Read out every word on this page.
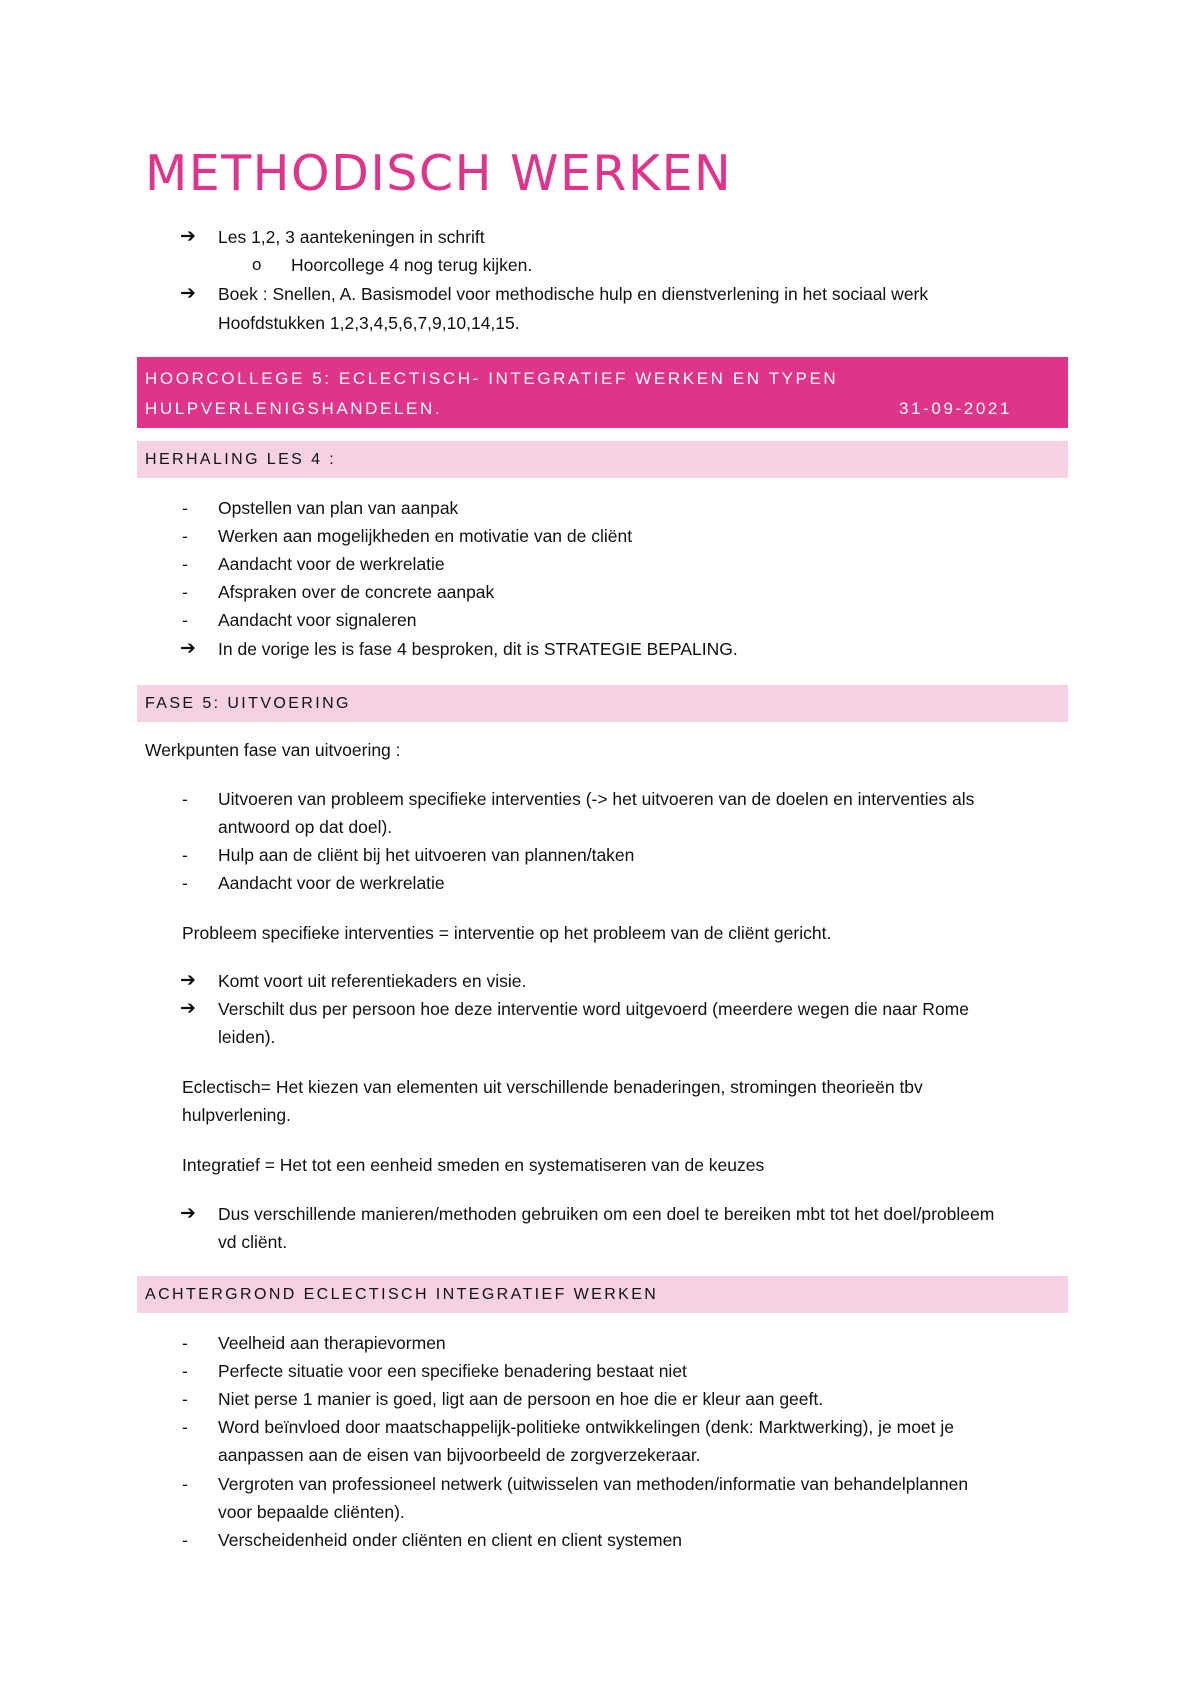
METHODISCH WERKEN
➔ Les 1,2, 3 aantekeningen in schrift
o Hoorcollege 4 nog terug kijken.
➔ Boek : Snellen, A. Basismodel voor methodische hulp en dienstverlening in het sociaal werk
Hoofdstukken 1,2,3,4,5,6,7,9,10,14,15.
HOORCOLLEGE 5: ECLECTISCH- INTEGRATIEF WERKEN EN TYPEN
HULPVERLENIGSHANDELEN.	31-09-2021
HERHALING LES 4 :
- Opstellen van plan van aanpak
- Werken aan mogelijkheden en motivatie van de cliënt
- Aandacht voor de werkrelatie
- Afspraken over de concrete aanpak
- Aandacht voor signaleren
➔ In de vorige les is fase 4 besproken, dit is STRATEGIE BEPALING.
FASE 5: UITVOERING
Werkpunten fase van uitvoering :
- Uitvoeren van probleem specifieke interventies (-> het uitvoeren van de doelen en interventies als
antwoord op dat doel).
- Hulp aan de cliënt bij het uitvoeren van plannen/taken
- Aandacht voor de werkrelatie
Probleem specifieke interventies = interventie op het probleem van de cliënt gericht.
➔ Komt voort uit referentiekaders en visie.
➔ Verschilt dus per persoon hoe deze interventie word uitgevoerd (meerdere wegen die naar Rome
leiden).
Eclectisch= Het kiezen van elementen uit verschillende benaderingen, stromingen theorieën tbv
hulpverlening.
Integratief = Het tot een eenheid smeden en systematiseren van de keuzes
➔ Dus verschillende manieren/methoden gebruiken om een doel te bereiken mbt tot het doel/probleem
vd cliënt.
ACHTERGROND ECLECTISCH INTEGRATIEF WERKEN
- Veelheid aan therapievormen
- Perfecte situatie voor een specifieke benadering bestaat niet
- Niet perse 1 manier is goed, ligt aan de persoon en hoe die er kleur aan geeft.
- Word beïnvloed door maatschappelijk-politieke ontwikkelingen (denk: Marktwerking), je moet je
aanpassen aan de eisen van bijvoorbeeld de zorgverzekeraar.
- Vergroten van professioneel netwerk (uitwisselen van methoden/informatie van behandelplannen
voor bepaalde cliënten).
- Verscheidenheid onder cliënten en client en client systemen
